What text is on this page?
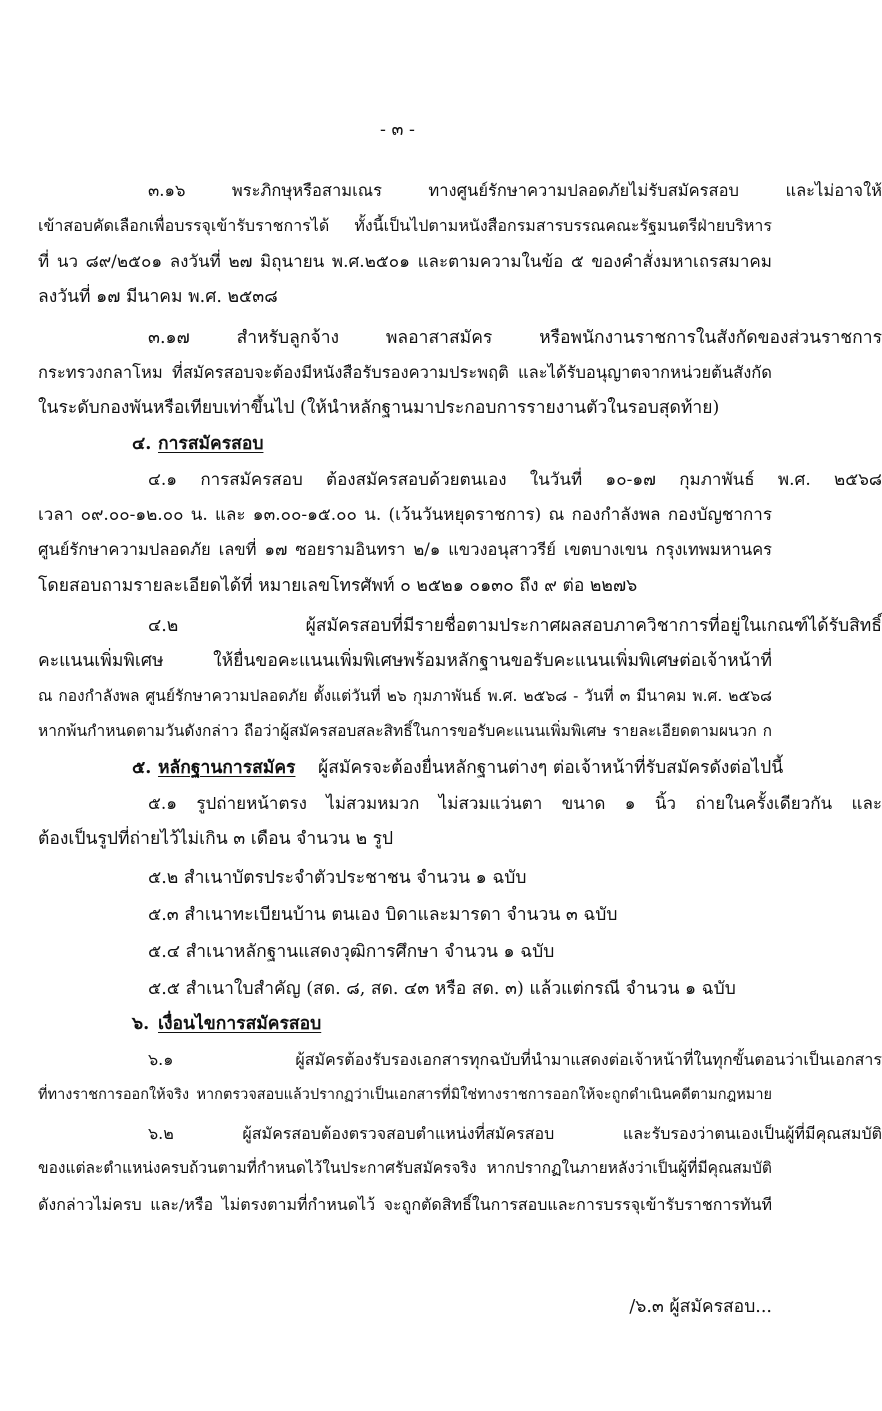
- ๓ -
๓.๑๖ พระภิกษุหรือสามเณร ทางศูนย์รักษาความปลอดภัยไม่รับสมัครสอบ และไม่อาจให้
เข้าสอบคัดเลือกเพื่อบรรจุเข้ารับราชการได้ ทั้งนี้เป็นไปตามหนังสือกรมสารบรรณคณะรัฐมนตรีฝ่ายบริหาร
ที่ นว ๘๙/๒๕๐๑ ลงวันที่ ๒๗ มิถุนายน พ.ศ.๒๕๐๑ และตามความในข้อ ๕ ของคำสั่งมหาเถรสมาคม
ลงวันที่ ๑๗ มีนาคม พ.ศ. ๒๕๓๘
๓.๑๗ สำหรับลูกจ้าง พลอาสาสมัคร หรือพนักงานราชการในสังกัดของส่วนราชการ
กระทรวงกลาโหม ที่สมัครสอบจะต้องมีหนังสือรับรองความประพฤติ และได้รับอนุญาตจากหน่วยต้นสังกัด
ในระดับกองพันหรือเทียบเท่าขึ้นไป (ให้นำหลักฐานมาประกอบการรายงานตัวในรอบสุดท้าย)
๔. การสมัครสอบ
๔.๑ การสมัครสอบ ต้องสมัครสอบด้วยตนเอง ในวันที่ ๑๐-๑๗ กุมภาพันธ์ พ.ศ. ๒๕๖๘
เวลา ๐๙.๐๐-๑๒.๐๐ น. และ ๑๓.๐๐-๑๕.๐๐ น. (เว้นวันหยุดราชการ) ณ กองกำลังพล กองบัญชาการ
ศูนย์รักษาความปลอดภัย เลขที่ ๑๗ ซอยรามอินทรา ๒/๑ แขวงอนุสาวรีย์ เขตบางเขน กรุงเทพมหานคร
โดยสอบถามรายละเอียดได้ที่ หมายเลขโทรศัพท์ ๐ ๒๕๒๑ ๐๑๓๐ ถึง ๙ ต่อ ๒๒๗๖
๔.๒ ผู้สมัครสอบที่มีรายชื่อตามประกาศผลสอบภาควิชาการที่อยู่ในเกณฑ์ได้รับสิทธิ์
คะแนนเพิ่มพิเศษ ให้ยื่นขอคะแนนเพิ่มพิเศษพร้อมหลักฐานขอรับคะแนนเพิ่มพิเศษต่อเจ้าหน้าที่
ณ กองกำลังพล ศูนย์รักษาความปลอดภัย ตั้งแต่วันที่ ๒๖ กุมภาพันธ์ พ.ศ. ๒๕๖๘ - วันที่ ๓ มีนาคม พ.ศ. ๒๕๖๘
หากพ้นกำหนดตามวันดังกล่าว ถือว่าผู้สมัครสอบสละสิทธิ์ในการขอรับคะแนนเพิ่มพิเศษ รายละเอียดตามผนวก ก
๕. หลักฐานการสมัคร ผู้สมัครจะต้องยื่นหลักฐานต่างๆ ต่อเจ้าหน้าที่รับสมัครดังต่อไปนี้
๕.๑ รูปถ่ายหน้าตรง ไม่สวมหมวก ไม่สวมแว่นตา ขนาด ๑ นิ้ว ถ่ายในครั้งเดียวกัน และ
ต้องเป็นรูปที่ถ่ายไว้ไม่เกิน ๓ เดือน จำนวน ๒ รูป
๕.๒ สำเนาบัตรประจำตัวประชาชน จำนวน ๑ ฉบับ
๕.๓ สำเนาทะเบียนบ้าน ตนเอง บิดาและมารดา จำนวน ๓ ฉบับ
๕.๔ สำเนาหลักฐานแสดงวุฒิการศึกษา จำนวน ๑ ฉบับ
๕.๕ สำเนาใบสำคัญ (สด. ๘, สด. ๔๓ หรือ สด. ๓) แล้วแต่กรณี จำนวน ๑ ฉบับ
๖. เงื่อนไขการสมัครสอบ
๖.๑ ผู้สมัครต้องรับรองเอกสารทุกฉบับที่นำมาแสดงต่อเจ้าหน้าที่ในทุกขั้นตอนว่าเป็นเอกสาร
ที่ทางราชการออกให้จริง หากตรวจสอบแล้วปรากฏว่าเป็นเอกสารที่มิใช่ทางราชการออกให้จะถูกดำเนินคดีตามกฎหมาย
๖.๒ ผู้สมัครสอบต้องตรวจสอบตำแหน่งที่สมัครสอบ และรับรองว่าตนเองเป็นผู้ที่มีคุณสมบัติ
ของแต่ละตำแหน่งครบถ้วนตามที่กำหนดไว้ในประกาศรับสมัครจริง หากปรากฏในภายหลังว่าเป็นผู้ที่มีคุณสมบัติ
ดังกล่าวไม่ครบ และ/หรือ ไม่ตรงตามที่กำหนดไว้ จะถูกตัดสิทธิ์ในการสอบและการบรรจุเข้ารับราชการทันที
/๖.๓ ผู้สมัครสอบ...
